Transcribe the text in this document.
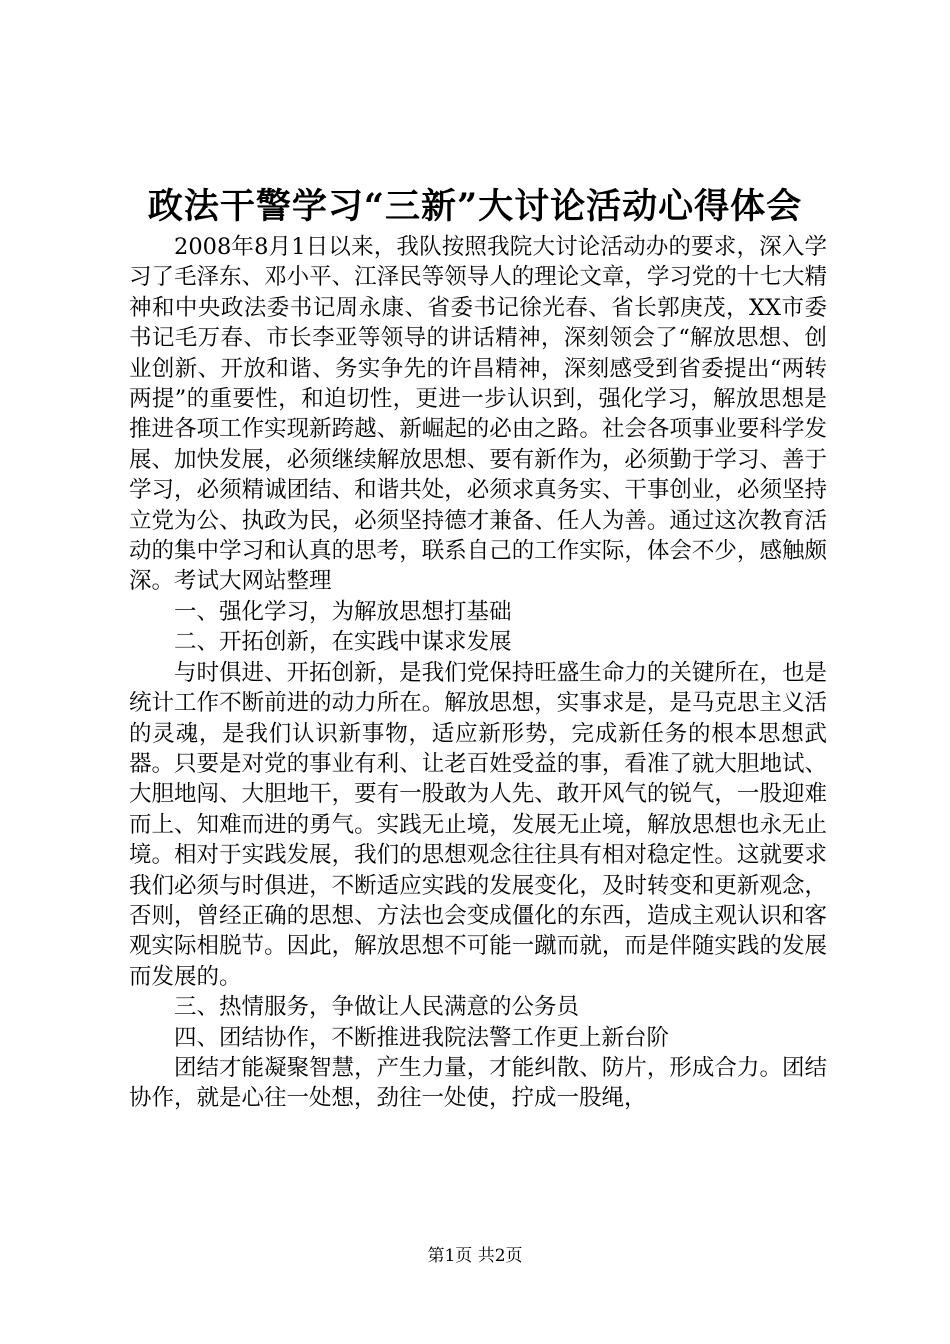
政法干警学习“三新”大讨论活动心得体会

2008年8月1日以来，我队按照我院大讨论活动办的要求，深入学习了毛泽东、邓小平、江泽民等领导人的理论文章，学习党的十七大精神和中央政法委书记周永康、省委书记徐光春、省长郭庚茂，XX市委书记毛万春、市长李亚等领导的讲话精神，深刻领会了“解放思想、创业创新、开放和谐、务实争先的许昌精神，深刻感受到省委提出“两转两提”的重要性，和迫切性，更进一步认识到，强化学习，解放思想是推进各项工作实现新跨越、新崛起的必由之路。社会各项事业要科学发展、加快发展，必须继续解放思想、要有新作为，必须勤于学习、善于学习，必须精诚团结、和谐共处，必须求真务实、干事创业，必须坚持立党为公、执政为民，必须坚持德才兼备、任人为善。通过这次教育活动的集中学习和认真的思考，联系自己的工作实际，体会不少，感触颇深。考试大网站整理

一、强化学习，为解放思想打基础

二、开拓创新，在实践中谋求发展

与时俱进、开拓创新，是我们党保持旺盛生命力的关键所在，也是统计工作不断前进的动力所在。解放思想，实事求是，是马克思主义活的灵魂，是我们认识新事物，适应新形势，完成新任务的根本思想武器。只要是对党的事业有利、让老百姓受益的事，看准了就大胆地试、大胆地闯、大胆地干，要有一股敢为人先、敢开风气的锐气，一股迎难而上、知难而进的勇气。实践无止境，发展无止境，解放思想也永无止境。相对于实践发展，我们的思想观念往往具有相对稳定性。这就要求我们必须与时俱进，不断适应实践的发展变化，及时转变和更新观念，否则，曾经正确的思想、方法也会变成僵化的东西，造成主观认识和客观实际相脱节。因此，解放思想不可能一蹴而就，而是伴随实践的发展而发展的。

三、热情服务，争做让人民满意的公务员

四、团结协作，不断推进我院法警工作更上新台阶

团结才能凝聚智慧，产生力量，才能纠散、防片，形成合力。团结协作，就是心往一处想，劲往一处使，拧成一股绳，

第1页 共2页
